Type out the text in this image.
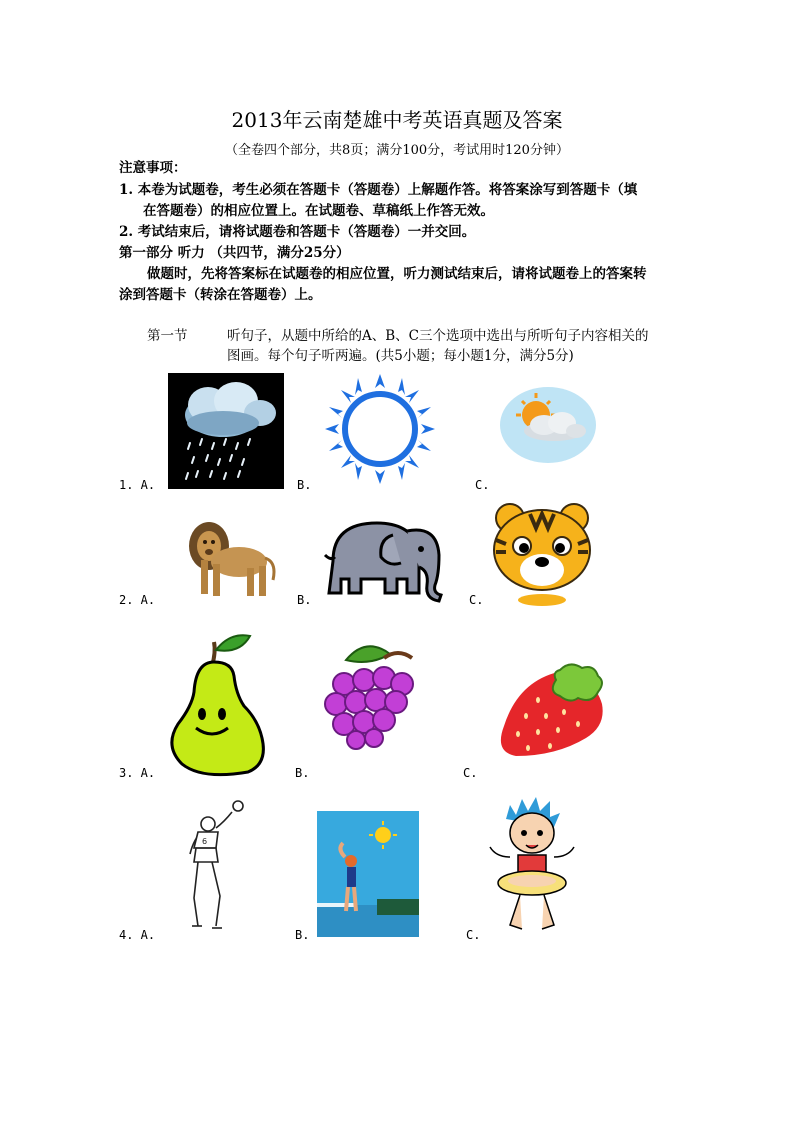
2013年云南楚雄中考英语真题及答案
（全卷四个部分，共8页；满分100分，考试用时120分钟）
注意事项：
1. 本卷为试题卷，考生必须在答题卡（答题卷）上解题作答。将答案涂写到答题卡（填
在答题卷）的相应位置上。在试题卷、草稿纸上作答无效。
2. 考试结束后，请将试题卷和答题卡（答题卷）一并交回。
第一部分 听力 （共四节，满分25分）
做题时，先将答案标在试题卷的相应位置，听力测试结束后，请将试题卷上的答案转
涂到答题卡（转涂在答题卷）上。
第一节	听句子，从题中所给的A、B、C三个选项中选出与所听句子内容相关的
图画。每个句子听两遍。(共5小题；每小题1分，满分5分)
1. A.	B.	C.
2. A.	B.	C.
3. A.	B.	C.
4. A.	B.	C.
6
